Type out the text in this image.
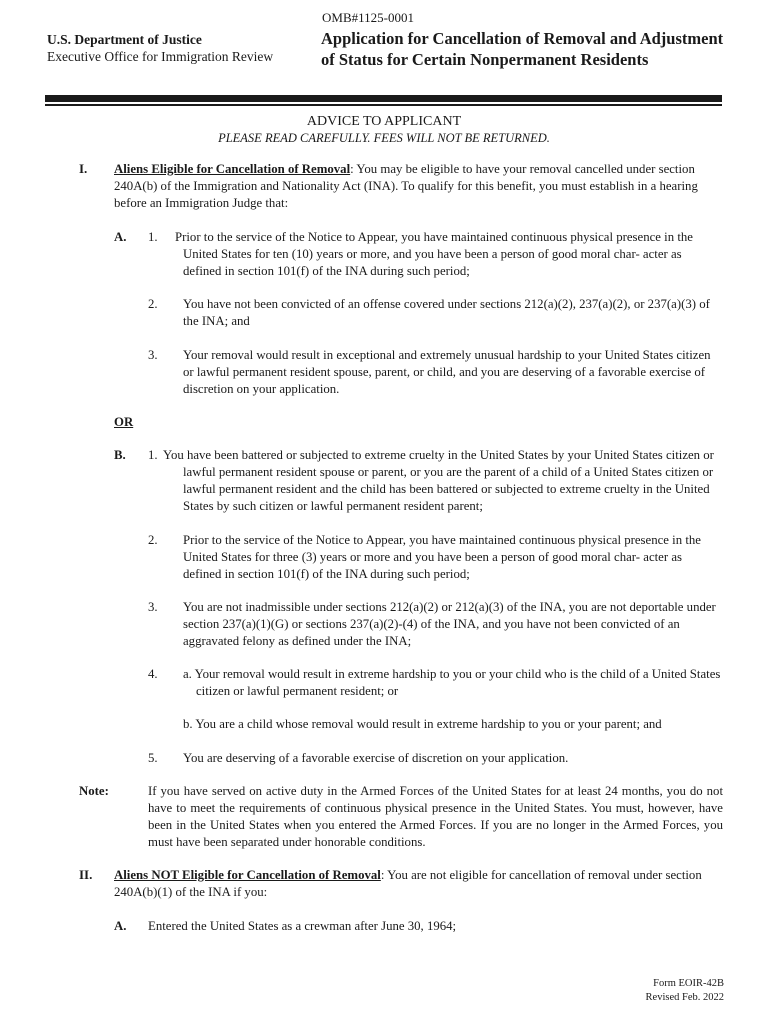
U.S. Department of Justice
Executive Office for Immigration Review
OMB#1125-0001
Application for Cancellation of Removal and Adjustment
of Status for Certain Nonpermanent Residents
ADVICE TO APPLICANT
PLEASE READ CAREFULLY. FEES WILL NOT BE RETURNED.
I. Aliens Eligible for Cancellation of Removal: You may be eligible to have your removal cancelled under section 240A(b) of the Immigration and Nationality Act (INA). To qualify for this benefit, you must establish in a hearing before an Immigration Judge that:
A. 1. Prior to the service of the Notice to Appear, you have maintained continuous physical presence in the United States for ten (10) years or more, and you have been a person of good moral char- acter as defined in section 101(f) of the INA during such period;
2. You have not been convicted of an offense covered under sections 212(a)(2), 237(a)(2), or 237(a)(3) of the INA; and
3. Your removal would result in exceptional and extremely unusual hardship to your United States citizen or lawful permanent resident spouse, parent, or child, and you are deserving of a favorable exercise of discretion on your application.
OR
B. 1. You have been battered or subjected to extreme cruelty in the United States by your United States citizen or lawful permanent resident spouse or parent, or you are the parent of a child of a United States citizen or lawful permanent resident and the child has been battered or subjected to extreme cruelty in the United States by such citizen or lawful permanent resident parent;
2. Prior to the service of the Notice to Appear, you have maintained continuous physical presence in the United States for three (3) years or more and you have been a person of good moral char- acter as defined in section 101(f) of the INA during such period;
3. You are not inadmissible under sections 212(a)(2) or 212(a)(3) of the INA, you are not deportable under section 237(a)(1)(G) or sections 237(a)(2)-(4) of the INA, and you have not been convicted of an aggravated felony as defined under the INA;
4. a. Your removal would result in extreme hardship to you or your child who is the child of a United States citizen or lawful permanent resident; or
b. You are a child whose removal would result in extreme hardship to you or your parent; and
5. You are deserving of a favorable exercise of discretion on your application.
Note:	If you have served on active duty in the Armed Forces of the United States for at least 24 months, you do not have to meet the requirements of continuous physical presence in the United States. You must, however, have been in the United States when you entered the Armed Forces. If you are no longer in the Armed Forces, you must have been separated under honorable conditions.
II. Aliens NOT Eligible for Cancellation of Removal: You are not eligible for cancellation of removal under section 240A(b)(1) of the INA if you:
A. Entered the United States as a crewman after June 30, 1964;
Form EOIR-42B
Revised Feb. 2022
